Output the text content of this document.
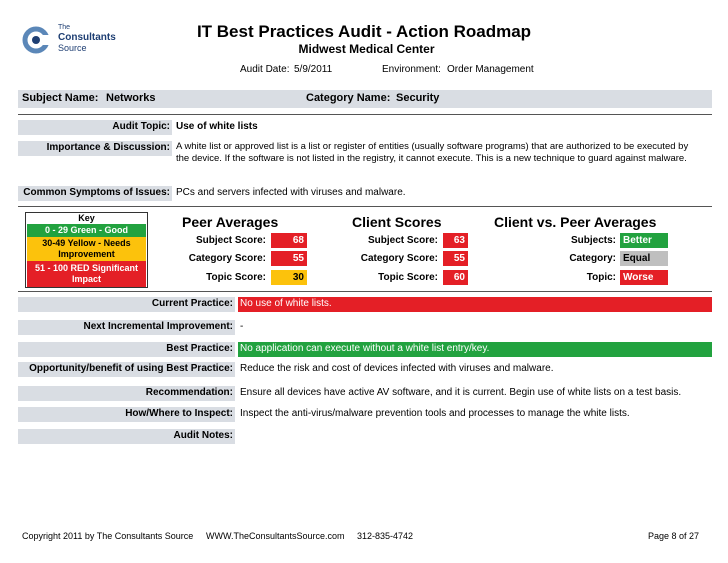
The
Consultants
Source
IT Best Practices Audit - Action Roadmap
Midwest Medical Center
Audit Date: 5/9/2011	Environment: Order Management
Subject Name: Networks	Category Name: Security
Audit Topic: Use of white lists
Importance & Discussion: A white list or approved list is a list or register of entities (usually software programs) that are authorized to be executed by the device. If the software is not listed in the registry, it cannot execute. This is a new technique to guard against malware.
Common Symptoms of Issues: PCs and servers infected with viruses and malware.
Key
0 - 29 Green - Good
30-49 Yellow - Needs Improvement
51 - 100 RED Significant Impact
Peer Averages
Subject Score:	68
Category Score:	55
Topic Score:	30
Client Scores
Subject Score:	63
Category Score:	55
Topic Score:	60
Client vs. Peer Averages
Subjects: Better
Category: Equal
Topic: Worse
Current Practice: No use of white lists.
Next Incremental Improvement: -
Best Practice: No application can execute without a white list entry/key.
Opportunity/benefit of using Best Practice: Reduce the risk and cost of devices infected with viruses and malware.
Recommendation: Ensure all devices have active AV software, and it is current. Begin use of white lists on a test basis.
How/Where to Inspect: Inspect the anti-virus/malware prevention tools and processes to manage the white lists.
Audit Notes:
Copyright 2011 by The Consultants Source WWW.TheConsultantsSource.com 312-835-4742	Page 8 of 27
